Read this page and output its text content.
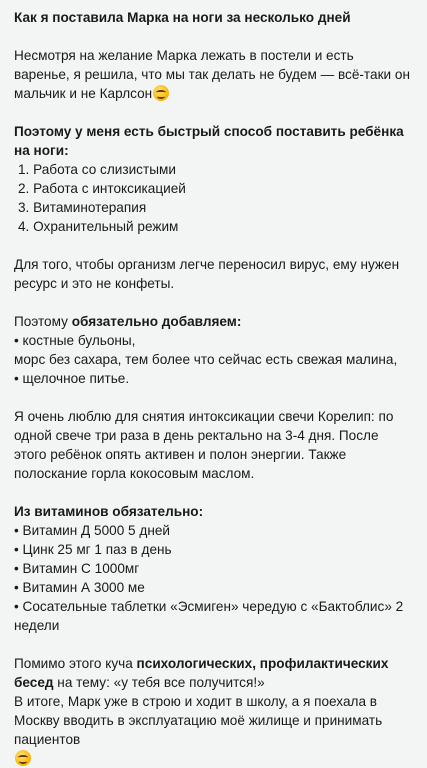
Как я поставила Марка на ноги за несколько дней

Несмотря на желание Марка лежать в постели и есть варенье, я решила, что мы так делать не будем — всё-таки он мальчик и не Карлсон

Поэтому у меня есть быстрый способ поставить ребёнка на ноги:

1. Работа со слизистыми

2. Работа с интоксикацией

3. Витаминотерапия

4. Охранительный режим

Для того, чтобы организм легче переносил вирус, ему нужен ресурс и это не конфеты.

Поэтому обязательно добавляем:

• костные бульоны,

морс без сахара, тем более что сейчас есть свежая малина,

• щелочное питье.

Я очень люблю для снятия интоксикации свечи Корелип: по одной свече три раза в день ректально на 3-4 дня. После этого ребёнок опять активен и полон энергии. Также полоскание горла кокосовым маслом.

Из витаминов обязательно:

• Витамин Д 5000 5 дней

• Цинк 25 мг 1 паз в день

• Витамин С 1000мг

• Витамин А 3000 ме

• Сосательные таблетки «Эсмиген» чередую с «Бактоблис» 2 недели

Помимо этого куча психологических, профилактических бесед на тему: «у тебя все получится!»

В итоге, Марк уже в строю и ходит в школу, а я поехала в Москву вводить в эксплуатацию моё жилище и принимать пациентов
